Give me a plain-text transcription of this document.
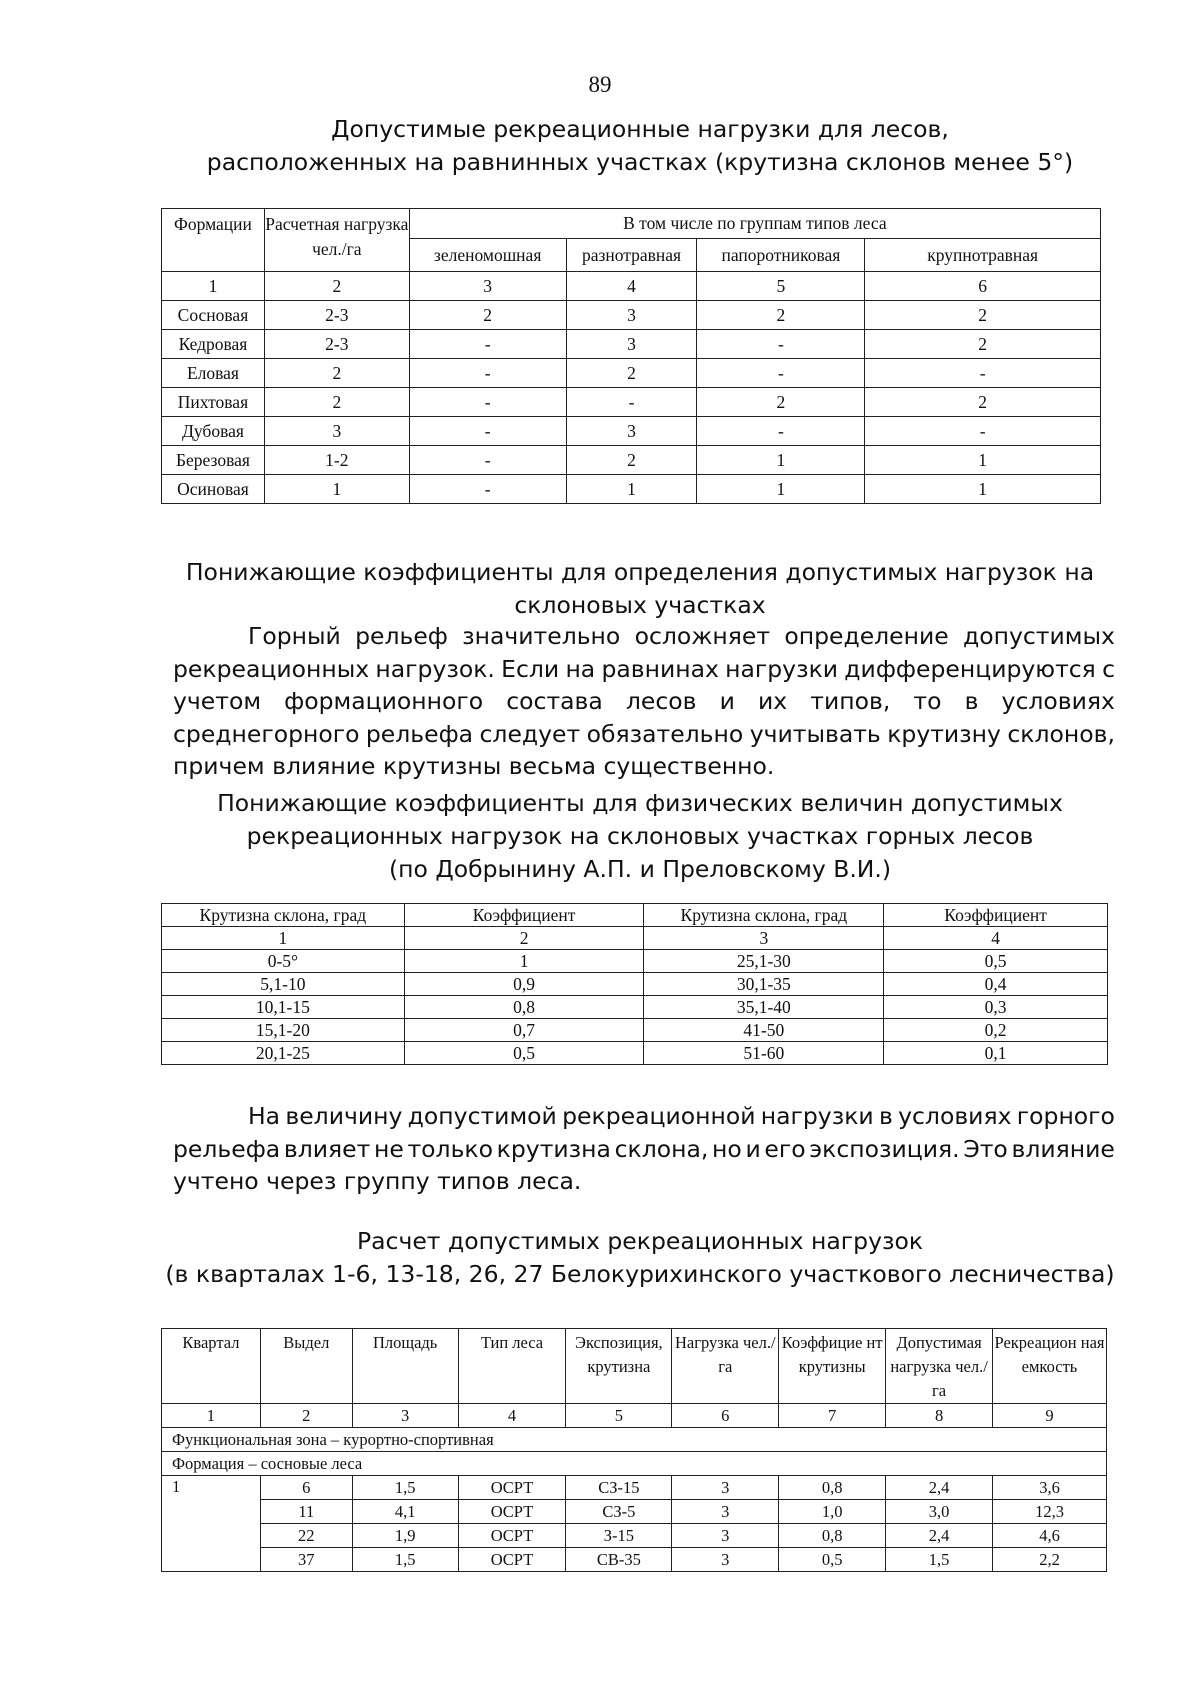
89
Допустимые рекреационные нагрузки для лесов,
расположенных на равнинных участках (крутизна склонов менее 5°)
Формации	Расчетная нагрузка чел./га	В том числе по группам типов леса			
		зеленомошная	разнотравная	папоротниковая	крупнотравная
1	2	3	4	5	6
Сосновая	2-3	2	3	2	2
Кедровая	2-3	-	3	-	2
Еловая	2	-	2	-	-
Пихтовая	2	-	-	2	2
Дубовая	3	-	3	-	-
Березовая	1-2	-	2	1	1
Осиновая	1	-	1	1	1
Понижающие коэффициенты для определения допустимых нагрузок на
склоновых участках
Горный рельеф значительно осложняет определение допустимых
рекреационных нагрузок. Если на равнинах нагрузки дифференцируются с
учетом формационного состава лесов и их типов, то в условиях
среднегорного рельефа следует обязательно учитывать крутизну склонов,
причем влияние крутизны весьма существенно.
Понижающие коэффициенты для физических величин допустимых
рекреационных нагрузок на склоновых участках горных лесов
(по Добрынину А.П. и Преловскому В.И.)
Крутизна склона, град	Коэффициент	Крутизна склона, град	Коэффициент
1	2	3	4
0-5°	1	25,1-30	0,5
5,1-10	0,9	30,1-35	0,4
10,1-15	0,8	35,1-40	0,3
15,1-20	0,7	41-50	0,2
20,1-25	0,5	51-60	0,1
На величину допустимой рекреационной нагрузки в условиях горного
рельефа влияет не только крутизна склона, но и его экспозиция. Это влияние
учтено через группу типов леса.
Расчет допустимых рекреационных нагрузок
(в кварталах 1-6, 13-18, 26, 27 Белокурихинского участкового лесничества)
Квартал	Выдел	Площадь	Тип леса	Экспозиция, крутизна	Нагрузка чел./га	Коэффицие нт крутизны	Допустимая нагрузка чел./га	Рекреацион ная емкость
1	2	3	4	5	6	7	8	9
Функциональная зона – курортно-спортивная								
Формация – сосновые леса								
1	6	1,5	ОСРТ	СЗ-15	3	0,8	2,4	3,6
	11	4,1	ОСРТ	СЗ-5	3	1,0	3,0	12,3
	22	1,9	ОСРТ	З-15	3	0,8	2,4	4,6
	37	1,5	ОСРТ	СВ-35	3	0,5	1,5	2,2
